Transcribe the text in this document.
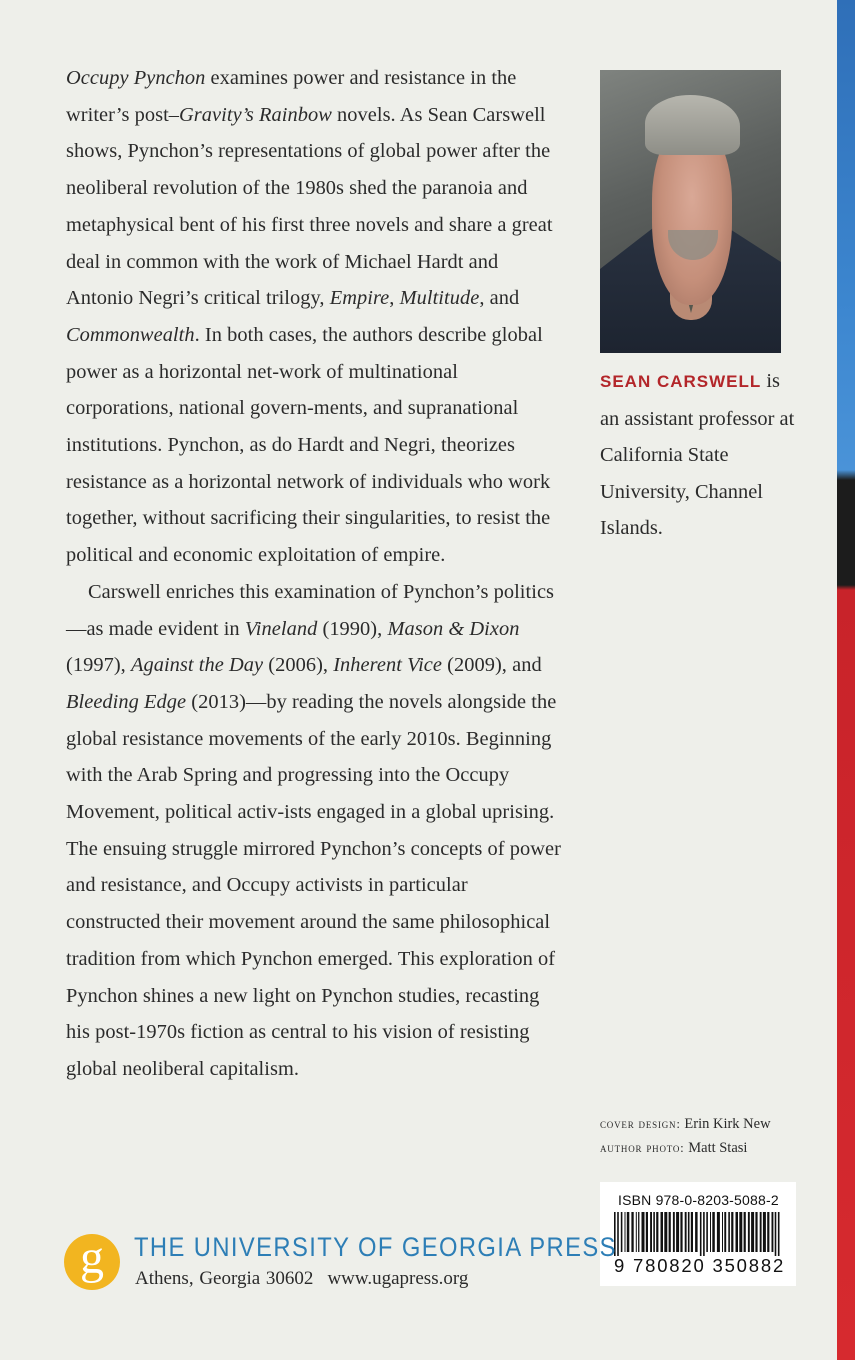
Occupy Pynchon examines power and resistance in the writer’s post–Gravity’s Rainbow novels. As Sean Carswell shows, Pynchon’s representations of global power after the neoliberal revolution of the 1980s shed the paranoia and metaphysical bent of his first three novels and share a great deal in common with the work of Michael Hardt and Antonio Negri’s critical trilogy, Empire, Multitude, and Commonwealth. In both cases, the authors describe global power as a horizontal net-work of multinational corporations, national govern-ments, and supranational institutions. Pynchon, as do Hardt and Negri, theorizes resistance as a horizontal network of individuals who work together, without sacrificing their singularities, to resist the political and economic exploitation of empire.

Carswell enriches this examination of Pynchon’s politics—as made evident in Vineland (1990), Mason & Dixon (1997), Against the Day (2006), Inherent Vice (2009), and Bleeding Edge (2013)—by reading the novels alongside the global resistance movements of the early 2010s. Beginning with the Arab Spring and progressing into the Occupy Movement, political activ-ists engaged in a global uprising. The ensuing struggle mirrored Pynchon’s concepts of power and resistance, and Occupy activists in particular constructed their movement around the same philosophical tradition from which Pynchon emerged. This exploration of Pynchon shines a new light on Pynchon studies, recasting his post-1970s fiction as central to his vision of resisting global neoliberal capitalism.

SEAN CARSWELL is an assistant professor at California State University, Channel Islands.
cover design: Erin Kirk New
author photo: Matt Stasi
ISBN 978-0-8203-5088-2
9 780820 350882
g	THE UNIVERSITY OF GEORGIA PRESS
Athens, Georgia 30602 www.ugapress.org
